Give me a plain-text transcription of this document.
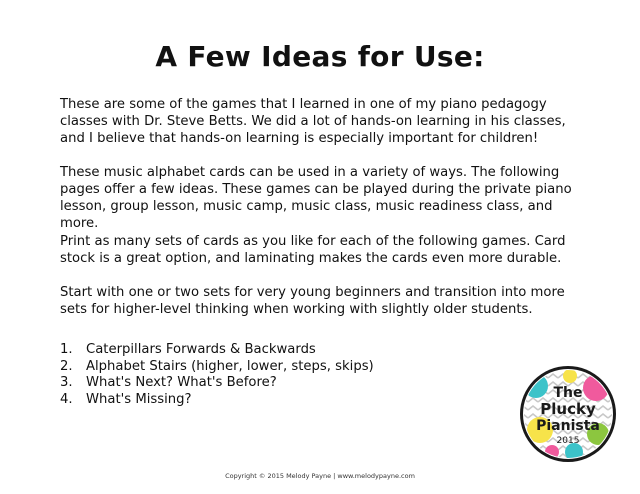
A Few Ideas for Use:

These are some of the games that I learned in one of my piano pedagogy classes with Dr. Steve Betts. We did a lot of hands-on learning in his classes, and I believe that hands-on learning is especially important for children!

These music alphabet cards can be used in a variety of ways. The following pages offer a few ideas. These games can be played during the private piano lesson, group lesson, music camp, music class, music readiness class, and more.

Print as many sets of cards as you like for each of the following games. Card stock is a great option, and laminating makes the cards even more durable.

Start with one or two sets for very young beginners and transition into more sets for higher-level thinking when working with slightly older students.

1.	Caterpillars Forwards & Backwards
2.	Alphabet Stairs (higher, lower, steps, skips)
3.	What's Next? What's Before?
4.	What's Missing?	The
Plucky
Pianista
2015
Copyright © 2015 Melody Payne | www.melodypayne.com
